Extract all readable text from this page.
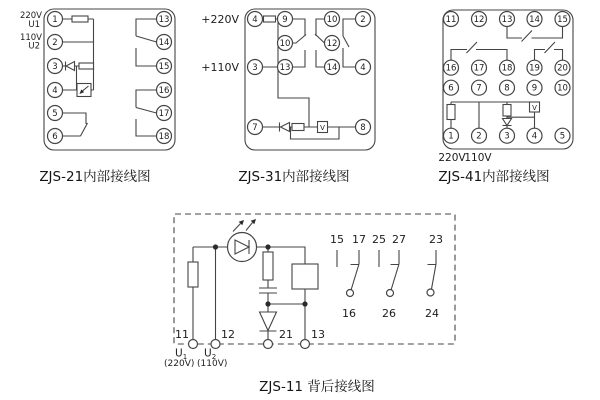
220V
U1
110V
U2
1
2
3
4
5
6
13
14
15
16
17
18
ZJS-21内部接线图
+220V
+110V
V
4	9	10	2
10	12
3	13	14	4
7	8
ZJS-31内部接线图
V
11 12 13 14 15
16 17 18 19 20
6	7	8	9 10
1	2	3	4	5
220V
110V
ZJS-41内部接线图
15 17 25 27 23
16 26	24
11	12	21 13
$U_1$ $U_2$
(220V) (110V)
ZJS-11 背后接线图
